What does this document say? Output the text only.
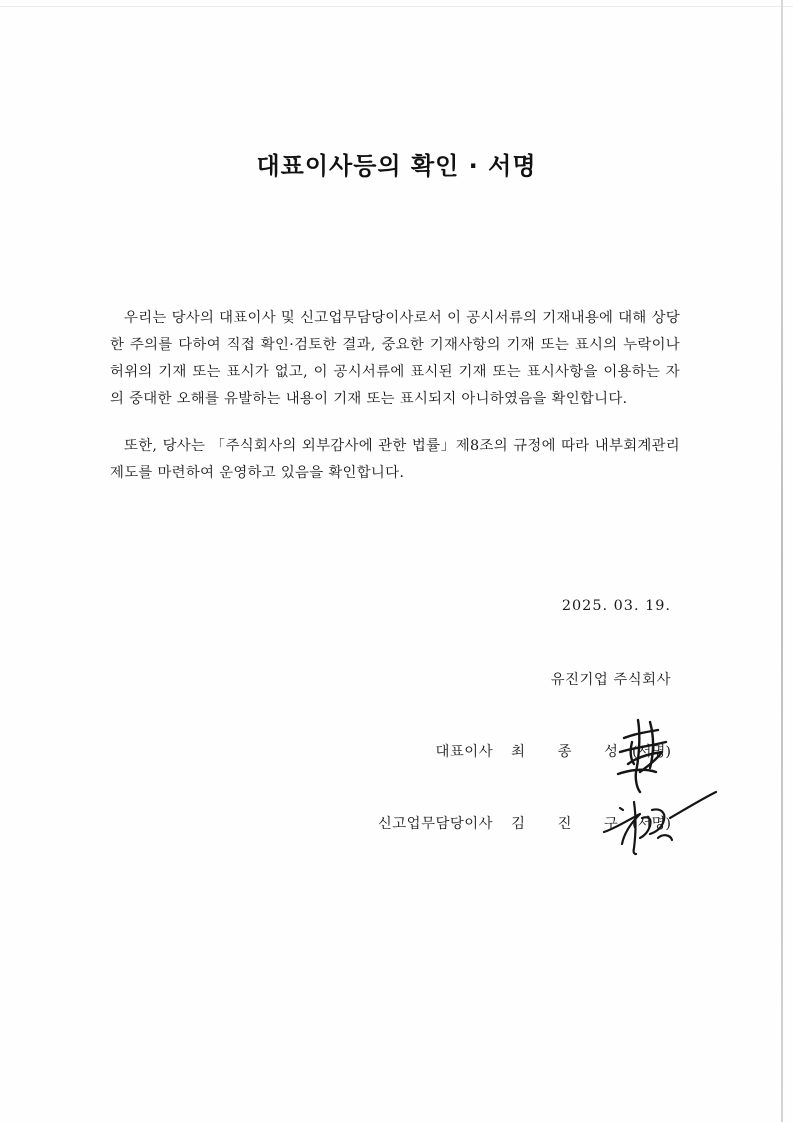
대표이사등의 확인 · 서명

우리는 당사의 대표이사 및 신고업무담당이사로서 이 공시서류의 기재내용에 대해 상당한 주의를 다하여 직접 확인·검토한 결과, 중요한 기재사항의 기재 또는 표시의 누락이나 허위의 기재 또는 표시가 없고, 이 공시서류에 표시된 기재 또는 표시사항을 이용하는 자의 중대한 오해를 유발하는 내용이 기재 또는 표시되지 아니하였음을 확인합니다.

또한, 당사는 「주식회사의 외부감사에 관한 법률」제8조의 규정에 따라 내부회계관리제도를 마련하여 운영하고 있음을 확인합니다.

2025. 03. 19.
유진기업 주식회사
대표이사 최 종 성 (서명)
신고업무담당이사 김 진 구 (서명)
